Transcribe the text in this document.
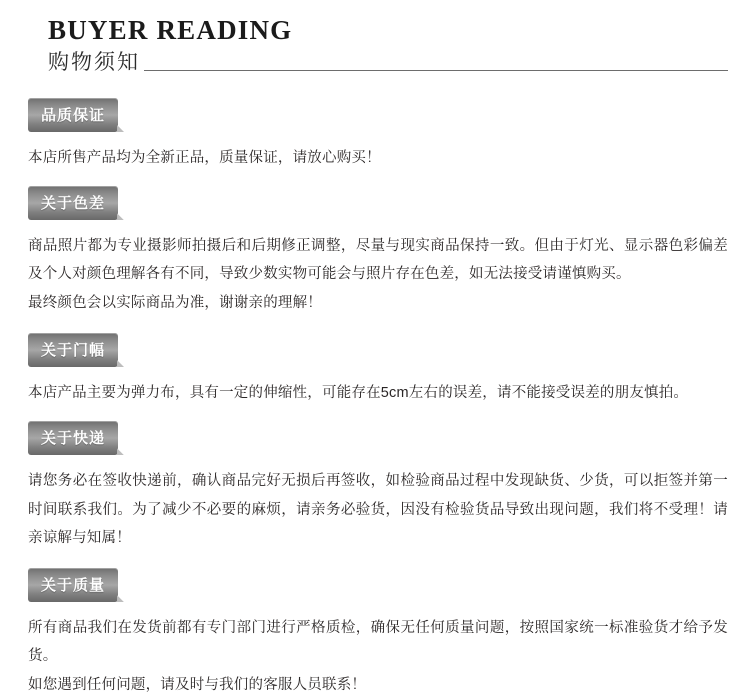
BUYER READING
购物须知
品质保证

本店所售产品均为全新正品，质量保证，请放心购买！

关于色差

商品照片都为专业摄影师拍摄后和后期修正调整，尽量与现实商品保持一致。但由于灯光、显示器色彩偏差及个人对颜色理解各有不同，导致少数实物可能会与照片存在色差，如无法接受请谨慎购买。

最终颜色会以实际商品为准，谢谢亲的理解！

关于门幅

本店产品主要为弹力布，具有一定的伸缩性，可能存在5cm左右的误差，请不能接受误差的朋友慎拍。

关于快递

请您务必在签收快递前，确认商品完好无损后再签收，如检验商品过程中发现缺货、少货，可以拒签并第一时间联系我们。为了减少不必要的麻烦，请亲务必验货，因没有检验货品导致出现问题，我们将不受理！请亲谅解与知属！

关于质量

所有商品我们在发货前都有专门部门进行严格质检，确保无任何质量问题，按照国家统一标准验货才给予发货。

如您遇到任何问题，请及时与我们的客服人员联系！
